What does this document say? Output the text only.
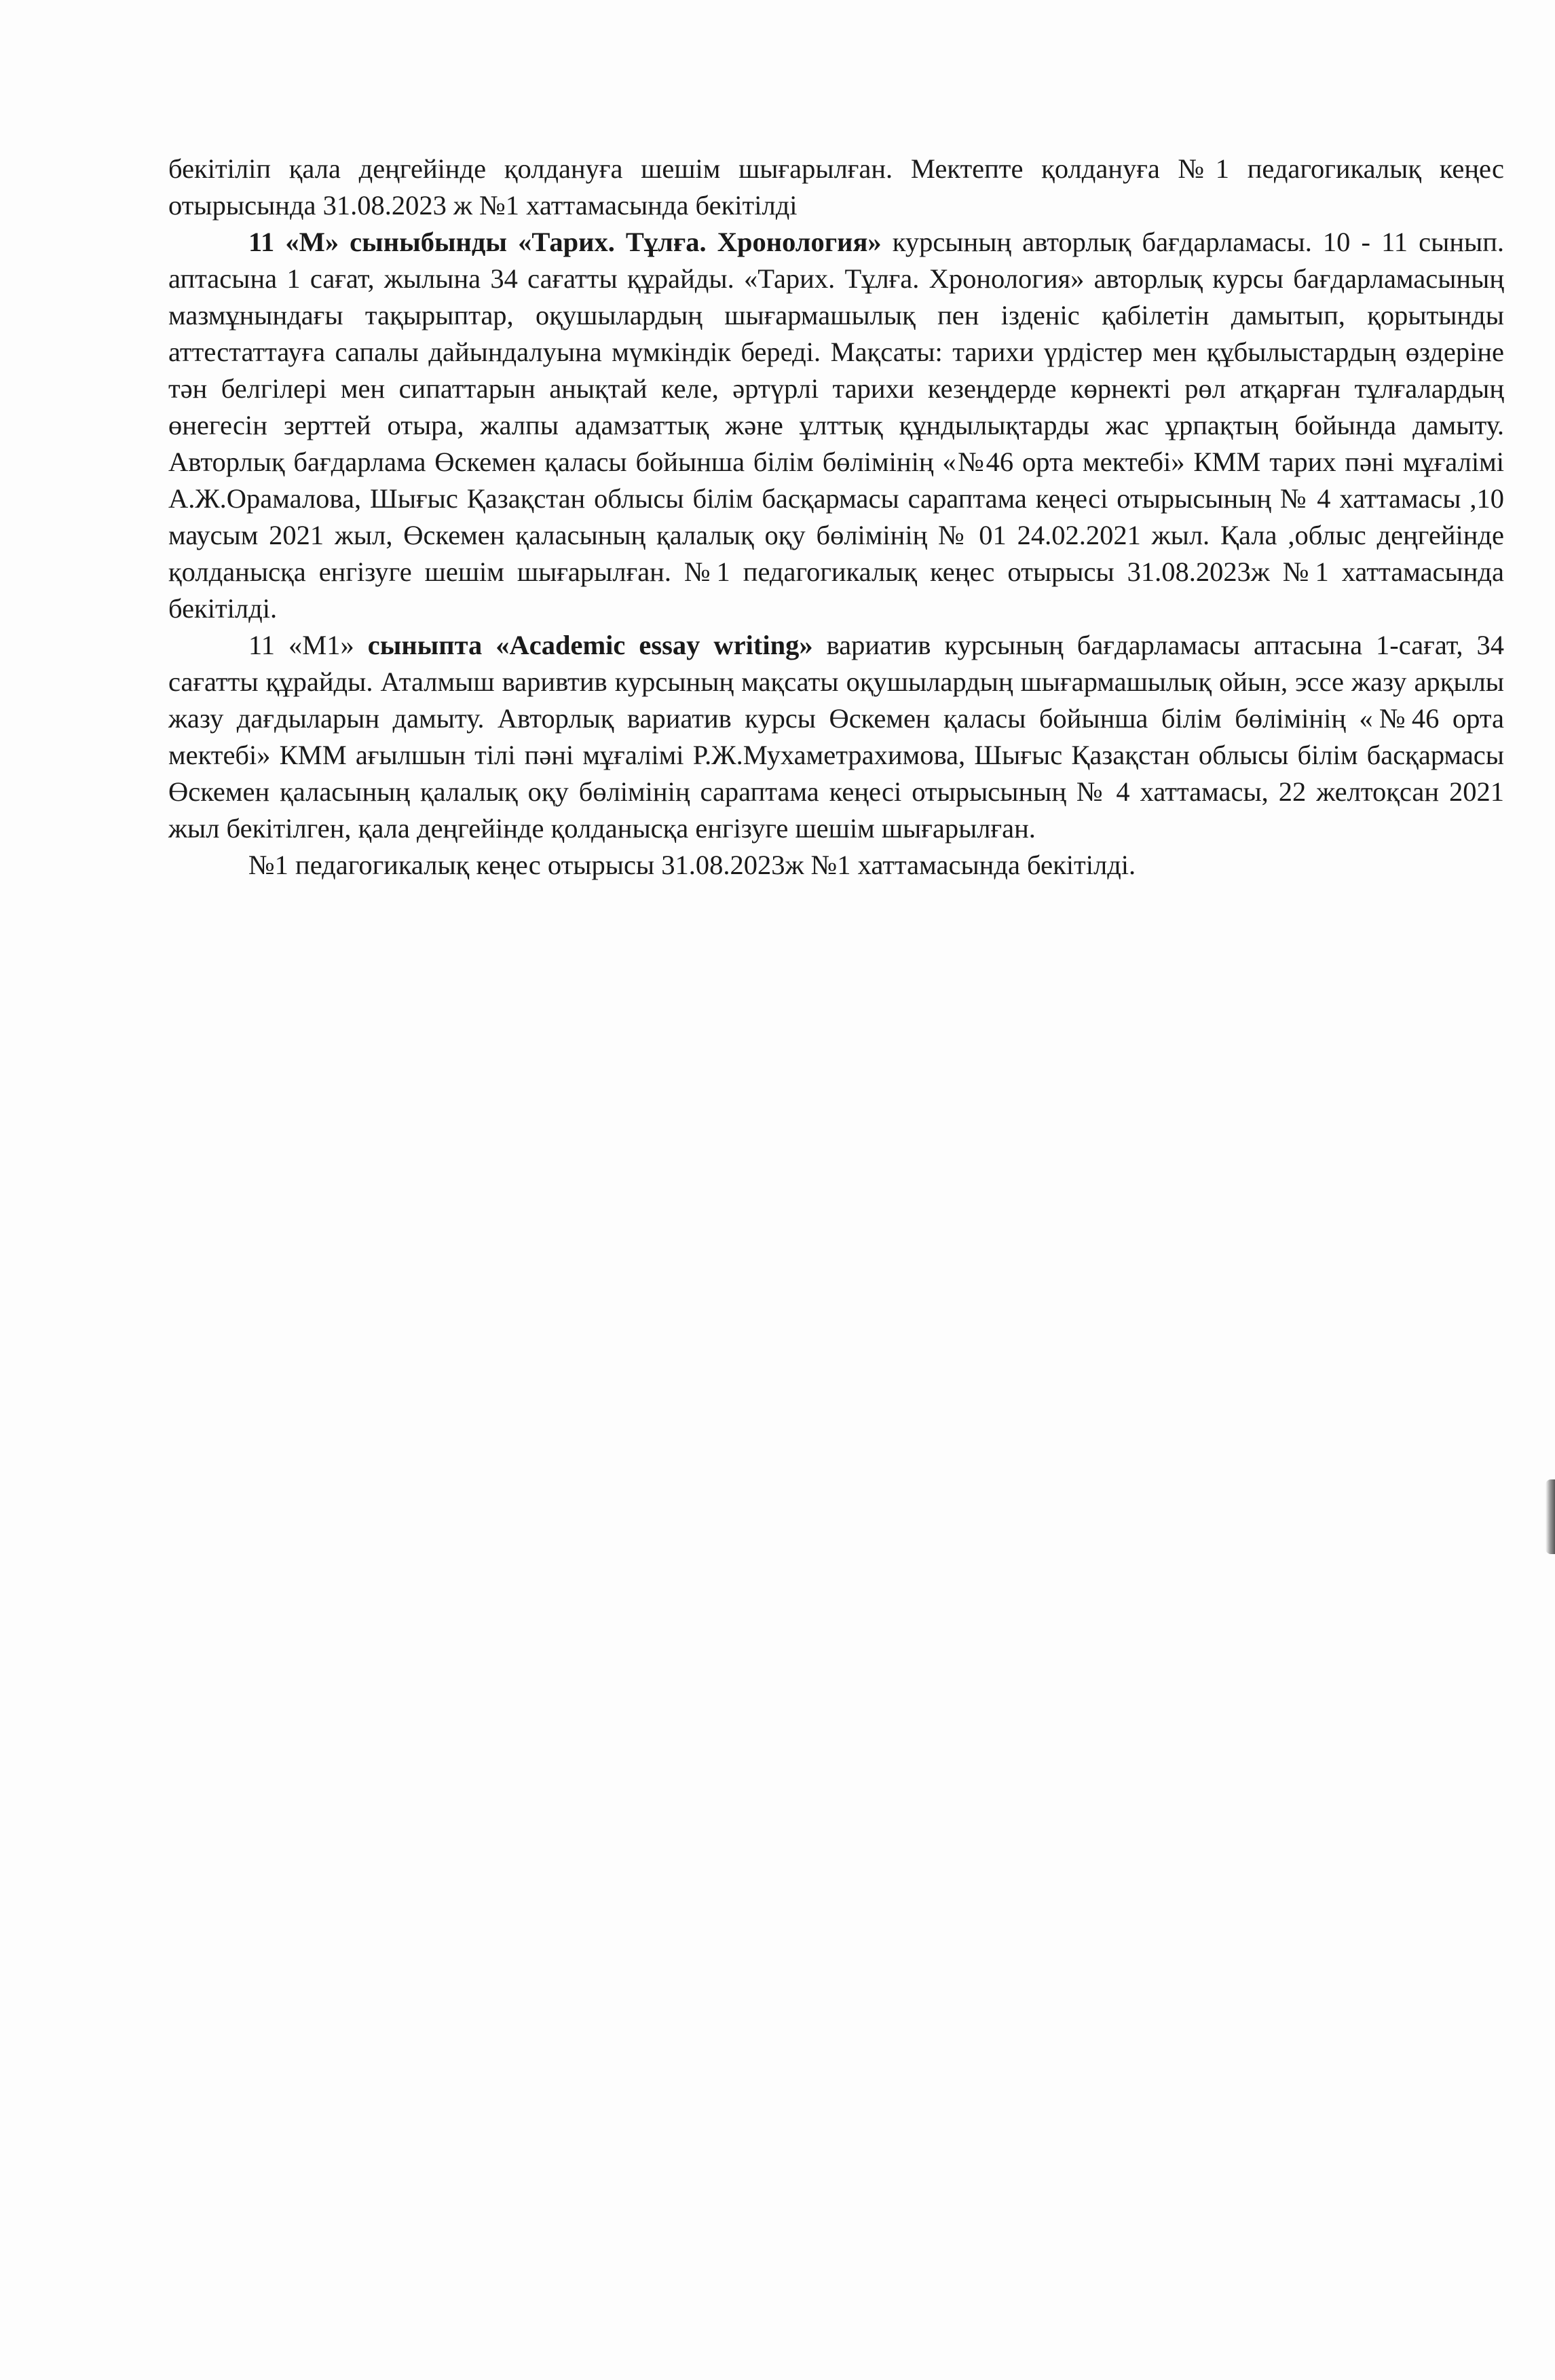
бекітіліп қала деңгейінде қолдануға шешім шығарылған. Мектепте қолдануға №1 педагогикалық кеңес отырысында 31.08.2023 ж №1 хаттамасында бекітілді

11 «М» сыныбынды «Тарих. Тұлға. Хронология» курсының авторлық бағдарламасы. 10 - 11 сынып. аптасына 1 сағат, жылына 34 сағатты құрайды. «Тарих. Тұлға. Хронология» авторлық курсы бағдарламасының мазмұнындағы тақырыптар, оқушылардың шығармашылық пен ізденіс қабілетін дамытып, қорытынды аттестаттауға сапалы дайындалуына мүмкіндік береді. Мақсаты: тарихи үрдістер мен құбылыстардың өздеріне тән белгілері мен сипаттарын анықтай келе, әртүрлі тарихи кезеңдерде көрнекті рөл атқарған тұлғалардың өнегесін зерттей отыра, жалпы адамзаттық және ұлттық құндылықтарды жас ұрпақтың бойында дамыту. Авторлық бағдарлама Өскемен қаласы бойынша білім бөлімінің «№46 орта мектебі» КММ тарих пәні мұғалімі А.Ж.Орамалова, Шығыс Қазақстан облысы білім басқармасы сараптама кеңесі отырысының № 4 хаттамасы ,10 маусым 2021 жыл, Өскемен қаласының қалалық оқу бөлімінің № 01 24.02.2021 жыл. Қала ,облыс деңгейінде қолданысқа енгізуге шешім шығарылған. №1 педагогикалық кеңес отырысы 31.08.2023ж №1 хаттамасында бекітілді.

11 «М1» сыныпта «Academic essay writing» вариатив курсының бағдарламасы аптасына 1-сағат, 34 сағатты құрайды. Аталмыш варивтив курсының мақсаты оқушылардың шығармашылық ойын, эссе жазу арқылы жазу дағдыларын дамыту. Авторлық вариатив курсы Өскемен қаласы бойынша білім бөлімінің «№46 орта мектебі» КММ ағылшын тілі пәні мұғалімі Р.Ж.Мухаметрахимова, Шығыс Қазақстан облысы білім басқармасы Өскемен қаласының қалалық оқу бөлімінің сараптама кеңесі отырысының № 4 хаттамасы, 22 желтоқсан 2021 жыл бекітілген, қала деңгейінде қолданысқа енгізуге шешім шығарылған.

№1 педагогикалық кеңес отырысы 31.08.2023ж №1 хаттамасында бекітілді.
